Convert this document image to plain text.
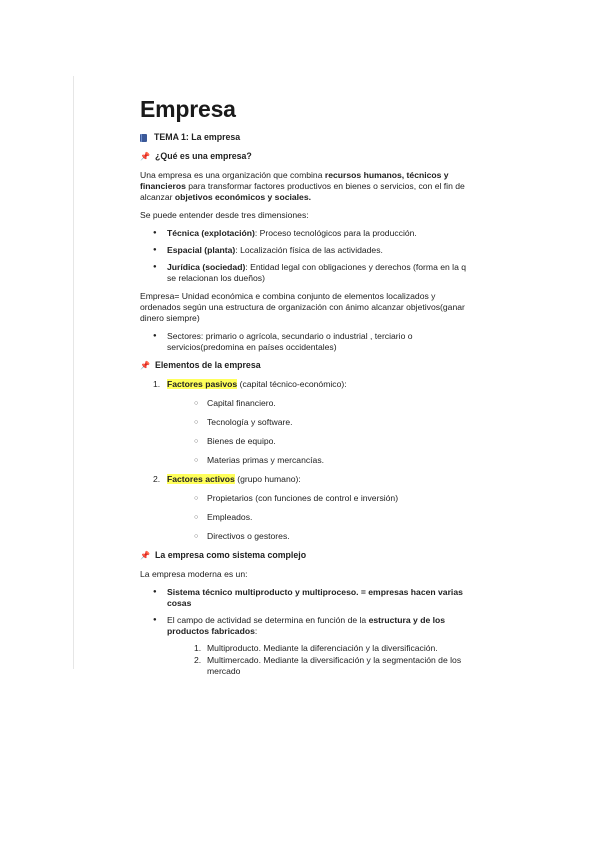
Empresa
TEMA 1: La empresa
📌 ¿Qué es una empresa?

Una empresa es una organización que combina recursos humanos, técnicos y financieros para transformar factores productivos en bienes o servicios, con el fin de alcanzar objetivos económicos y sociales.

Se puede entender desde tres dimensiones:

● Técnica (explotación): Proceso tecnológicos para la producción.
● Espacial (planta): Localización física de las actividades.
● Jurídica (sociedad): Entidad legal con obligaciones y derechos (forma en la q se relacionan los dueños)

Empresa= Unidad económica e combina conjunto de elementos localizados y ordenados según una estructura de organización con ánimo alcanzar objetivos(ganar dinero siempre)

● Sectores: primario o agrícola, secundario o industrial , terciario o servicios(predomina en países occidentales)
📌 Elementos de la empresa
1. Factores pasivos (capital técnico-económico):
○ Capital financiero.
○ Tecnología y software.
○ Bienes de equipo.
○ Materias primas y mercancías.
2. Factores activos (grupo humano):
○ Propietarios (con funciones de control e inversión)
○ Empleados.
○ Directivos o gestores.
📌 La empresa como sistema complejo

La empresa moderna es un:

● Sistema técnico multiproducto y multiproceso. = empresas hacen varias cosas
● El campo de actividad se determina en función de la estructura y de los productos fabricados:
1. Multiproducto. Mediante la diferenciación y la diversificación.
2. Multimercado. Mediante la diversificación y la segmentación de los mercado
